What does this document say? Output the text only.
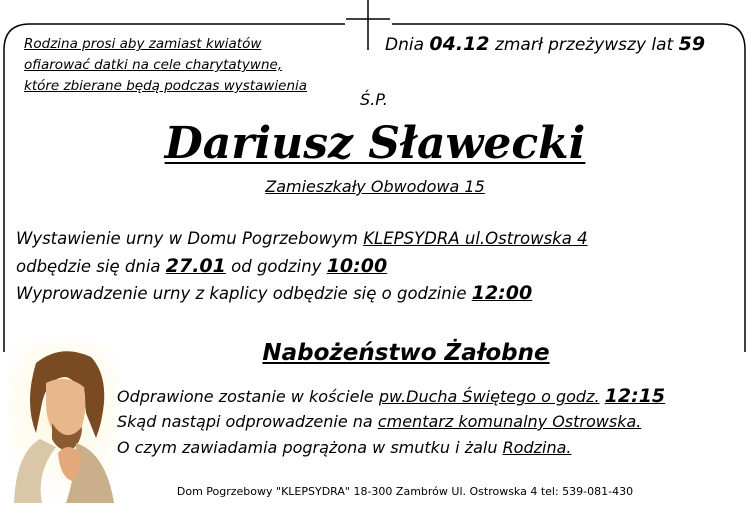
Rodzina prosi aby zamiast kwiatów
ofiarować datki na cele charytatywne,
które zbierane będą podczas wystawienia
Dnia 04.12 zmarł przeżywszy lat 59
Ś.P.
Dariusz Sławecki
Zamieszkały Obwodowa 15
Wystawienie urny w Domu Pogrzebowym KLEPSYDRA ul.Ostrowska 4
odbędzie się dnia 27.01 od godziny 10:00
Wyprowadzenie urny z kaplicy odbędzie się o godzinie 12:00
Nabożeństwo Żałobne
Odprawione zostanie w kościele pw.Ducha Świętego o godz. 12:15
Skąd nastąpi odprowadzenie na cmentarz komunalny Ostrowska.
O czym zawiadamia pogrążona w smutku i żalu Rodzina.
Dom Pogrzebowy "KLEPSYDRA" 18-300 Zambrów Ul. Ostrowska 4 tel: 539-081-430
